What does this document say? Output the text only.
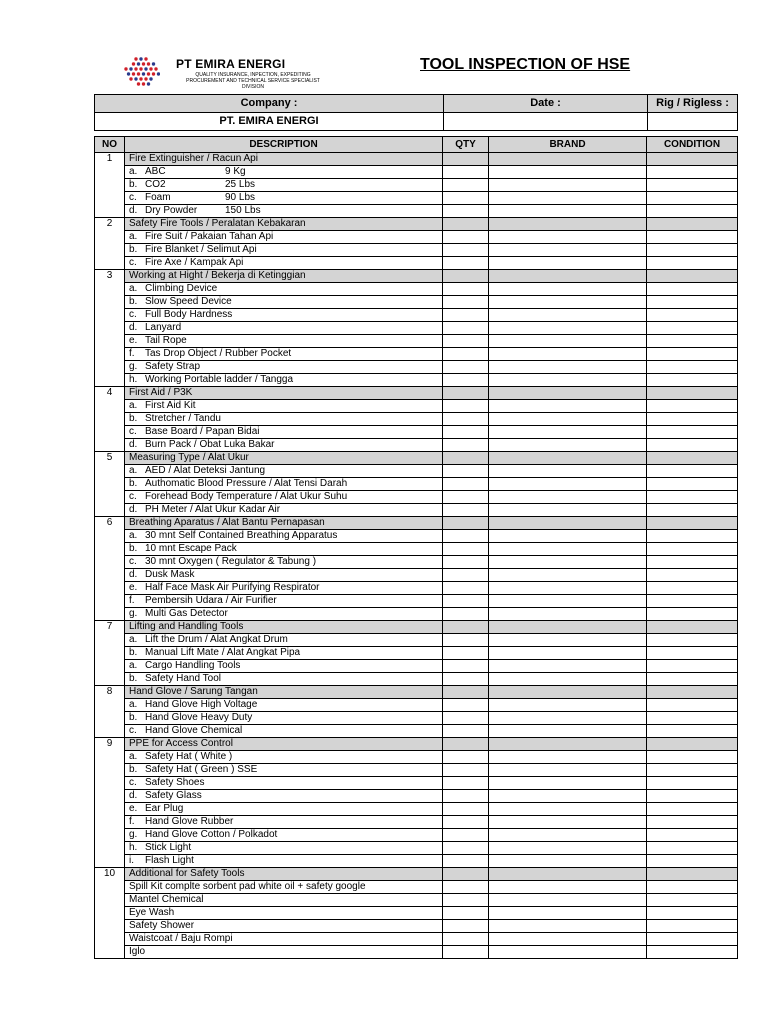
PT EMIRA ENERGI
QUALITY INSURANCE, INPECTION, EXPEDITING PROCUREMENT AND TECHNICAL SERVICE SPECIALIST DIVISION
TOOL INSPECTION OF HSE
Company :	Date :	Rig / Rigless :
PT. EMIRA ENERGI		
NO	DESCRIPTION	QTY	BRAND	CONDITION
1	Fire Extinguisher / Racun Api			
	a. ABC 9 Kg			
	b. CO2 25 Lbs			
	c. Foam 90 Lbs			
	d. Dry Powder 150 Lbs			
2	Safety Fire Tools / Peralatan Kebakaran			
	a. Fire Suit / Pakaian Tahan Api			
	b. Fire Blanket / Selimut Api			
	c. Fire Axe / Kampak Api			
3	Working at Hight / Bekerja di Ketinggian			
	a. Climbing Device			
	b. Slow Speed Device			
	c. Full Body Hardness			
	d. Lanyard			
	e. Tail Rope			
	f. Tas Drop Object / Rubber Pocket			
	g. Safety Strap			
	h. Working Portable ladder / Tangga			
4	First Aid / P3K			
	a. First Aid Kit			
	b. Stretcher / Tandu			
	c. Base Board / Papan Bidai			
	d. Burn Pack / Obat Luka Bakar			
5	Measuring Type / Alat Ukur			
	a. AED / Alat Deteksi Jantung			
	b. Authomatic Blood Pressure / Alat Tensi Darah			
	c. Forehead Body Temperature / Alat Ukur Suhu			
	d. PH Meter / Alat Ukur Kadar Air			
6	Breathing Aparatus / Alat Bantu Pernapasan			
	a. 30 mnt Self Contained Breathing Apparatus			
	b. 10 mnt Escape Pack			
	c. 30 mnt Oxygen ( Regulator & Tabung )			
	d. Dusk Mask			
	e. Half Face Mask Air Purifying Respirator			
	f. Pembersih Udara / Air Furifier			
	g. Multi Gas Detector			
7	Lifting and Handling Tools			
	a. Lift the Drum / Alat Angkat Drum			
	b. Manual Lift Mate / Alat Angkat Pipa			
	a. Cargo Handling Tools			
	b. Safety Hand Tool			
8	Hand Glove / Sarung Tangan			
	a. Hand Glove High Voltage			
	b. Hand Glove Heavy Duty			
	c. Hand Glove Chemical			
9	PPE for Access Control			
	a. Safety Hat ( White )			
	b. Safety Hat ( Green ) SSE			
	c. Safety Shoes			
	d. Safety Glass			
	e. Ear Plug			
	f. Hand Glove Rubber			
	g. Hand Glove Cotton / Polkadot			
	h. Stick Light			
	i. Flash Light			
10	Additional for Safety Tools			
	Spill Kit complte sorbent pad white oil + safety google			
	Mantel Chemical			
	Eye Wash			
	Safety Shower			
	Waistcoat / Baju Rompi			
	Iglo			
